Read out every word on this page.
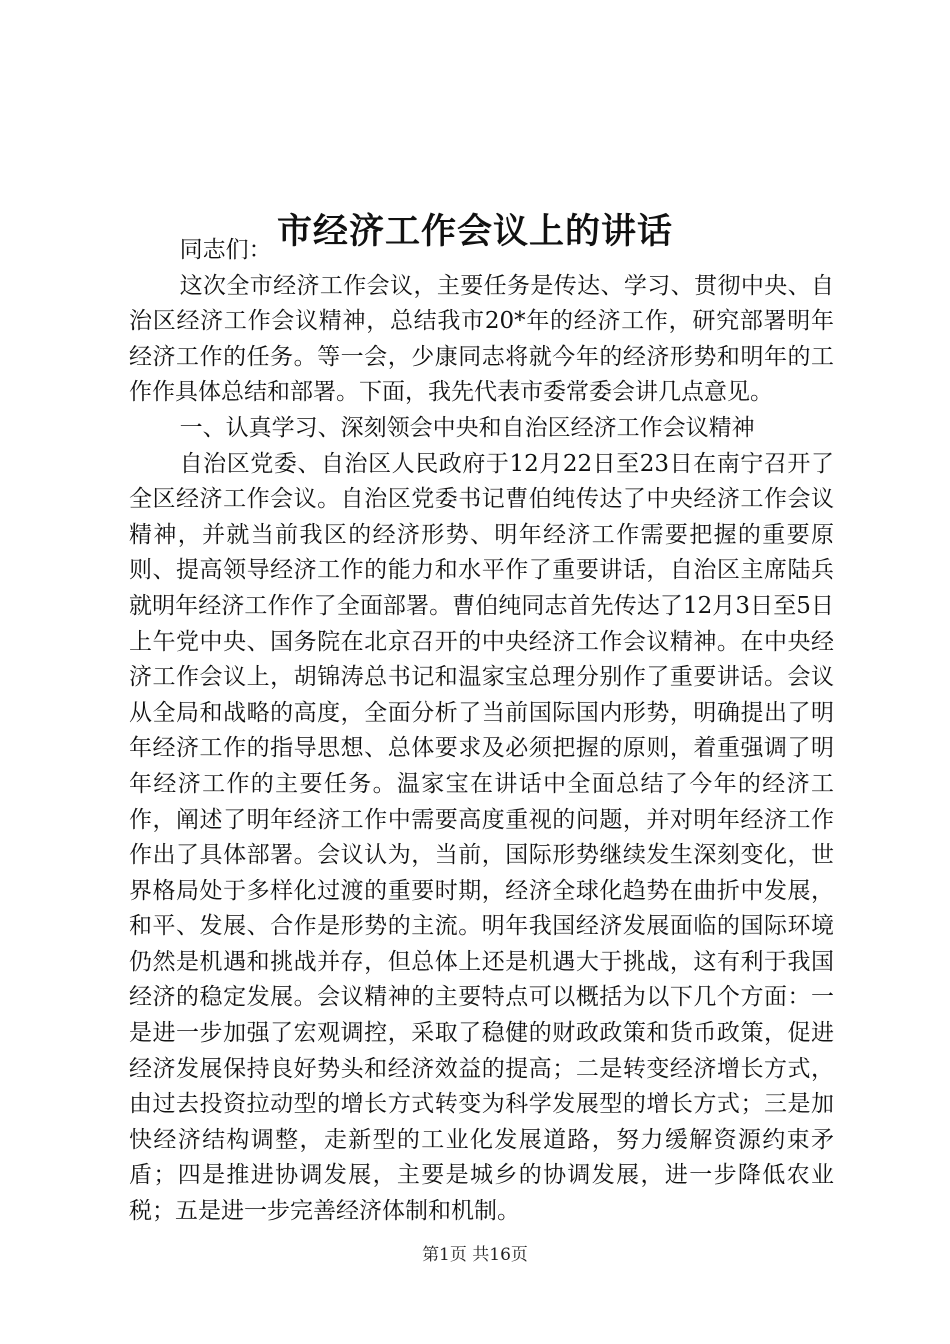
市经济工作会议上的讲话

同志们：

这次全市经济工作会议，主要任务是传达、学习、贯彻中央、自治区经济工作会议精神，总结我市20*年的经济工作，研究部署明年经济工作的任务。等一会，少康同志将就今年的经济形势和明年的工作作具体总结和部署。下面，我先代表市委常委会讲几点意见。

一、认真学习、深刻领会中央和自治区经济工作会议精神

自治区党委、自治区人民政府于12月22日至23日在南宁召开了全区经济工作会议。自治区党委书记曹伯纯传达了中央经济工作会议精神，并就当前我区的经济形势、明年经济工作需要把握的重要原则、提高领导经济工作的能力和水平作了重要讲话，自治区主席陆兵就明年经济工作作了全面部署。曹伯纯同志首先传达了12月3日至5日上午党中央、国务院在北京召开的中央经济工作会议精神。在中央经济工作会议上，胡锦涛总书记和温家宝总理分别作了重要讲话。会议从全局和战略的高度，全面分析了当前国际国内形势，明确提出了明年经济工作的指导思想、总体要求及必须把握的原则，着重强调了明年经济工作的主要任务。温家宝在讲话中全面总结了今年的经济工作，阐述了明年经济工作中需要高度重视的问题，并对明年经济工作作出了具体部署。会议认为，当前，国际形势继续发生深刻变化，世界格局处于多样化过渡的重要时期，经济全球化趋势在曲折中发展，和平、发展、合作是形势的主流。明年我国经济发展面临的国际环境仍然是机遇和挑战并存，但总体上还是机遇大于挑战，这有利于我国经济的稳定发展。会议精神的主要特点可以概括为以下几个方面：一是进一步加强了宏观调控，采取了稳健的财政政策和货币政策，促进经济发展保持良好势头和经济效益的提高；二是转变经济增长方式，由过去投资拉动型的增长方式转变为科学发展型的增长方式；三是加快经济结构调整，走新型的工业化发展道路，努力缓解资源约束矛盾；四是推进协调发展，主要是城乡的协调发展，进一步降低农业税；五是进一步完善经济体制和机制。

第1页 共16页
